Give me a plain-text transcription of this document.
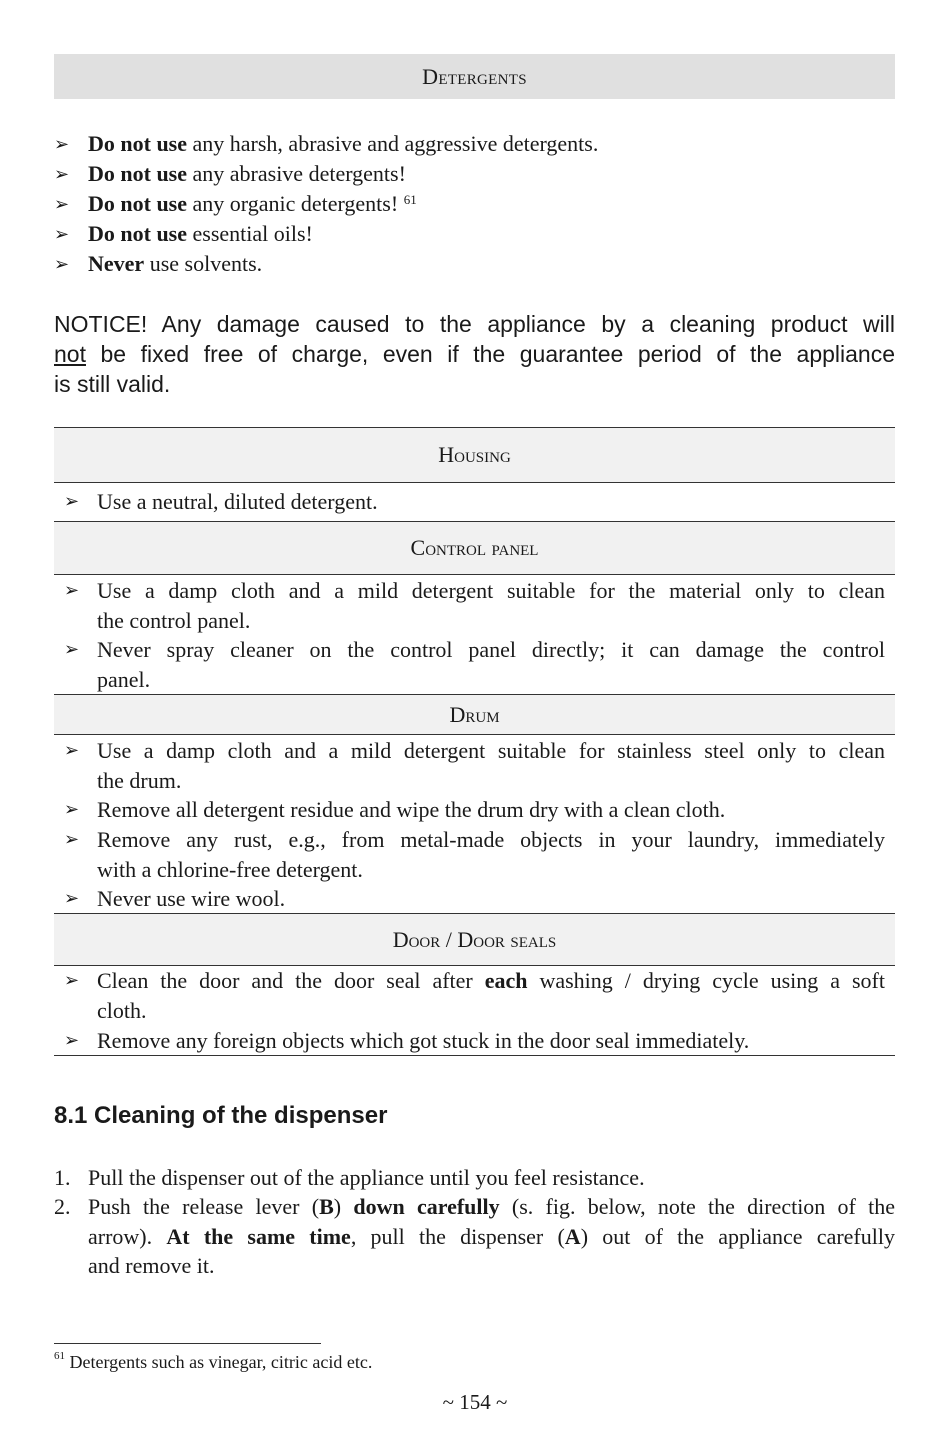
Detergents
➢ Do not use any harsh, abrasive and aggressive detergents.
➢ Do not use any abrasive detergents!
➢ Do not use any organic detergents! $^{61}$
➢ Do not use essential oils!
➢ Never use solvents.
NOTICE! Any damage caused to the appliance by a cleaning product will
not be fixed free of charge, even if the guarantee period of the appliance
is still valid.
Housing
➢ Use a neutral, diluted detergent.
Control panel
➢ Use a damp cloth and a mild detergent suitable for the material only to clean
the control panel.
➢ Never spray cleaner on the control panel directly; it can damage the control
panel.
Drum
➢ Use a damp cloth and a mild detergent suitable for stainless steel only to clean
the drum.
➢ Remove all detergent residue and wipe the drum dry with a clean cloth.
➢ Remove any rust, e.g., from metal-made objects in your laundry, immediately
with a chlorine-free detergent.
➢ Never use wire wool.
Door / Door seals
➢ Clean the door and the door seal after each washing / drying cycle using a soft
cloth.
➢ Remove any foreign objects which got stuck in the door seal immediately.
8.1 Cleaning of the dispenser
1. Pull the dispenser out of the appliance until you feel resistance.
2. Push the release lever (B) down carefully (s. fig. below, note the direction of the
arrow). At the same time, pull the dispenser (A) out of the appliance carefully
and remove it.
$^{61}$ Detergents such as vinegar, citric acid etc.
~ 154 ~
